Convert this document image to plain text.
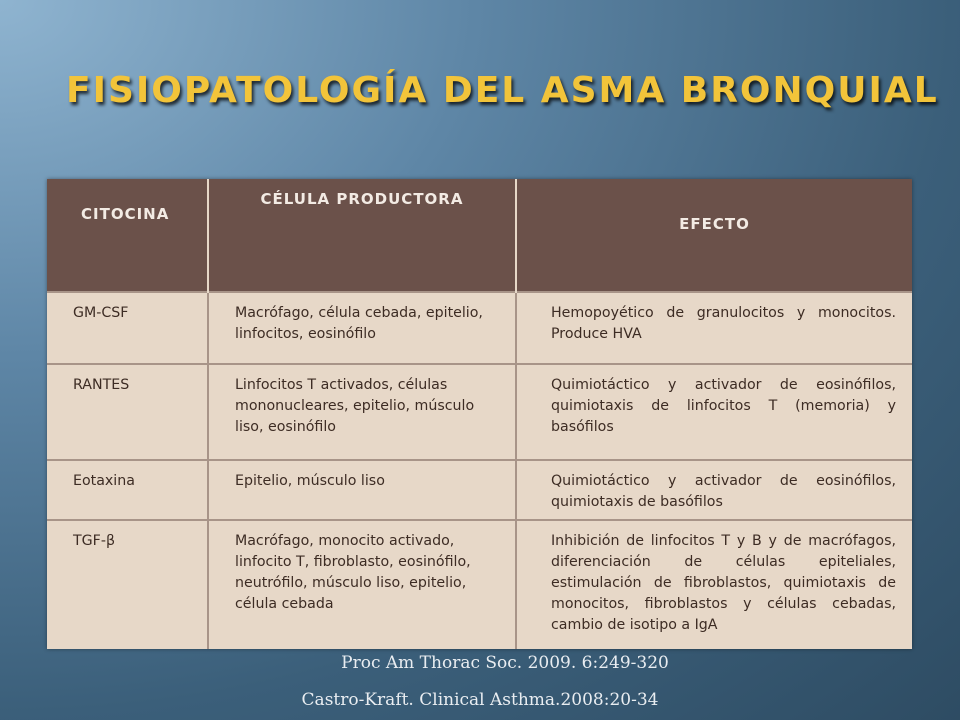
FISIOPATOLOGÍA DEL ASMA BRONQUIAL
CITOCINA	CÉLULA PRODUCTORA	EFECTO
GM-CSF	Macrófago, célula cebada, epitelio, linfocitos, eosinófilo	Hemopoyético de granulocitos y monocitos. Produce HVA
RANTES	Linfocitos T activados, células mononucleares, epitelio, músculo liso, eosinófilo	Quimiotáctico y activador de eosinófilos, quimiotaxis de linfocitos T (memoria) y basófilos
Eotaxina	Epitelio, músculo liso	Quimiotáctico y activador de eosinófilos, quimiotaxis de basófilos
TGF-β	Macrófago, monocito activado, linfocito T, fibroblasto, eosinófilo, neutrófilo, músculo liso, epitelio, célula cebada	Inhibición de linfocitos T y B y de macrófagos, diferenciación de células epiteliales, estimulación de fibroblastos, quimiotaxis de monocitos, fibroblastos y células cebadas, cambio de isotipo a IgA
Proc Am Thorac Soc. 2009. 6:249-320
Castro-Kraft. Clinical Asthma.2008:20-34
